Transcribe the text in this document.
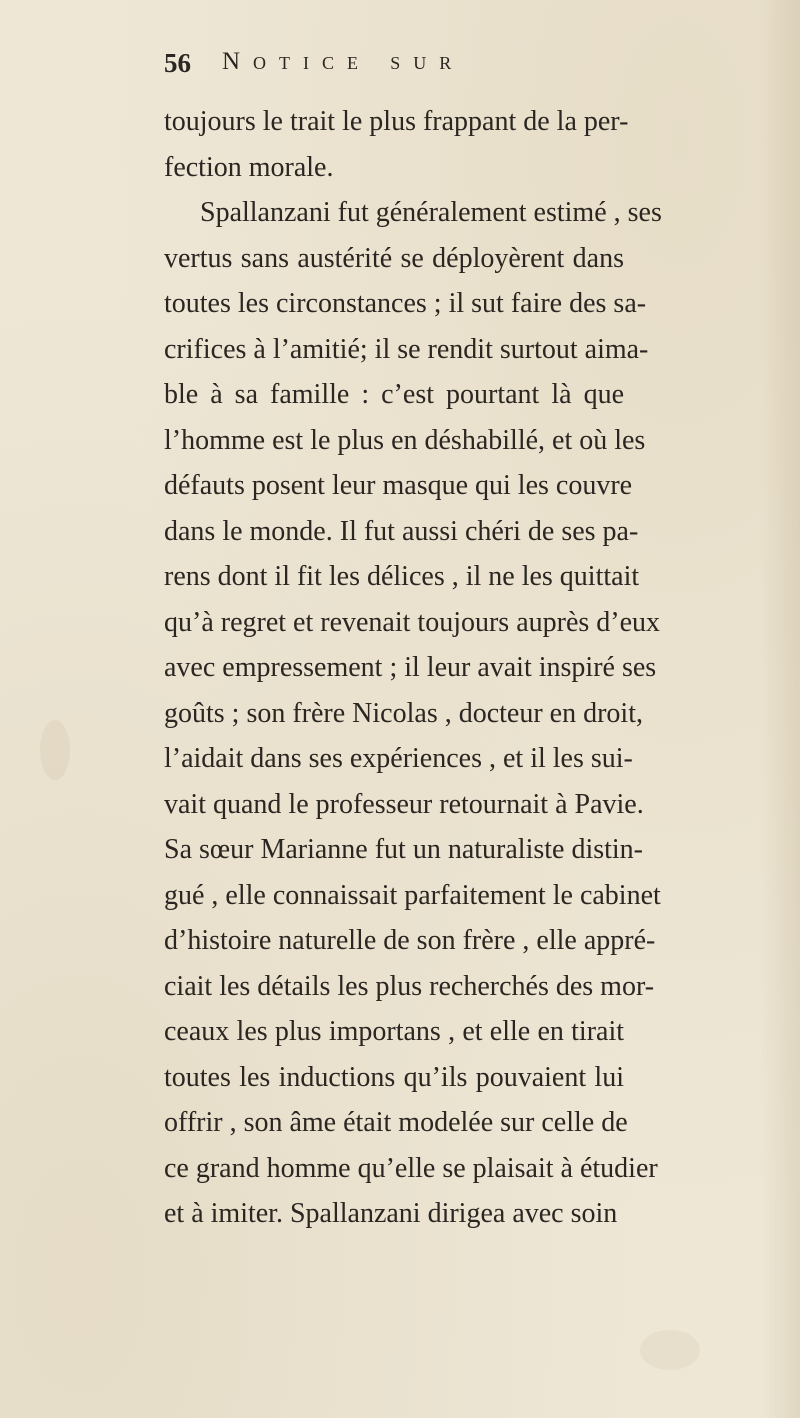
56 Notice sur
toujours le trait le plus frappant de la per-
fection morale.
Spallanzani fut généralement estimé , ses
vertus sans austérité se déployèrent dans
toutes les circonstances ; il sut faire des sa-
crifices à l’amitié; il se rendit surtout aima-
ble à sa famille : c’est pourtant là que
l’homme est le plus en déshabillé, et où les
défauts posent leur masque qui les couvre
dans le monde. Il fut aussi chéri de ses pa-
rens dont il fit les délices , il ne les quittait
qu’à regret et revenait toujours auprès d’eux
avec empressement ; il leur avait inspiré ses
goûts ; son frère Nicolas , docteur en droit,
l’aidait dans ses expériences , et il les sui-
vait quand le professeur retournait à Pavie.
Sa sœur Marianne fut un naturaliste distin-
gué , elle connaissait parfaitement le cabinet
d’histoire naturelle de son frère , elle appré-
ciait les détails les plus recherchés des mor-
ceaux les plus importans , et elle en tirait
toutes les inductions qu’ils pouvaient lui
offrir , son âme était modelée sur celle de
ce grand homme qu’elle se plaisait à étudier
et à imiter. Spallanzani dirigea avec soin
